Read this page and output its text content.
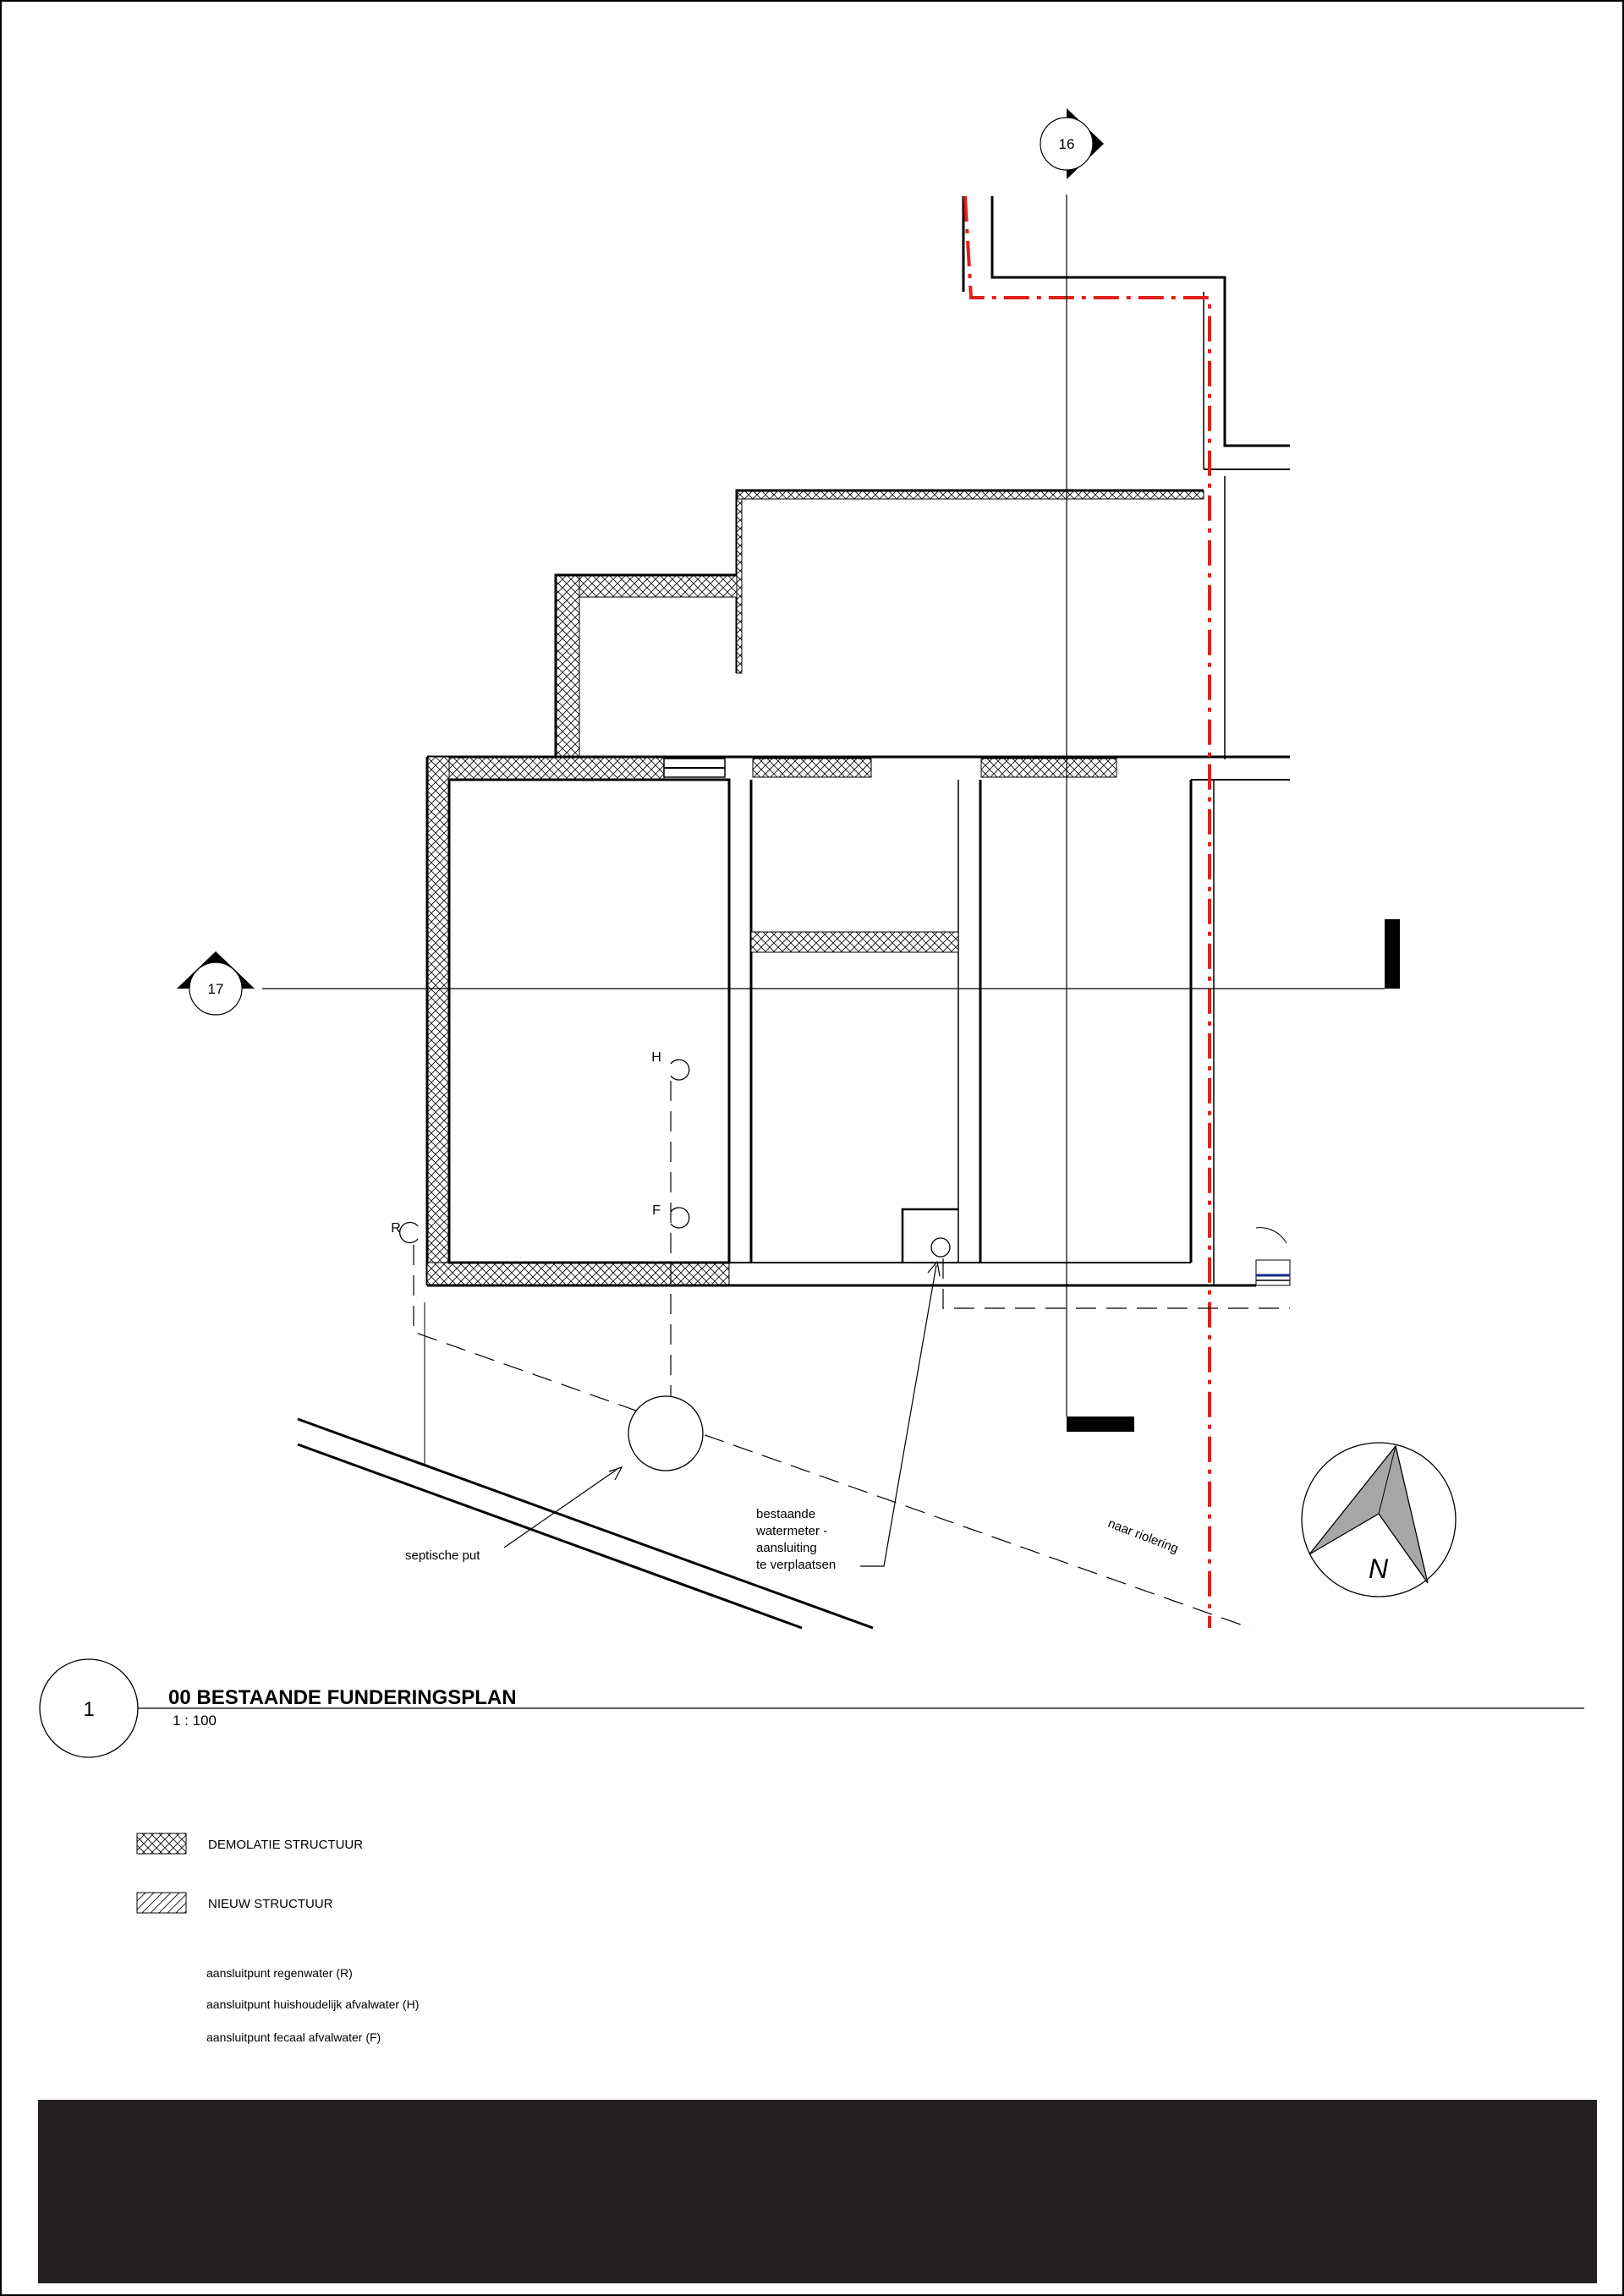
16
17
H
F
R
septische put
bestaande
watermeter -
aansluiting
te verplaatsen
naar riolering
N
1
00 BESTAANDE FUNDERINGSPLAN
1 : 100
DEMOLATIE STRUCTUUR
NIEUW STRUCTUUR
aansluitpunt regenwater (R)
aansluitpunt huishoudelijk afvalwater (H)
aansluitpunt fecaal afvalwater (F)
